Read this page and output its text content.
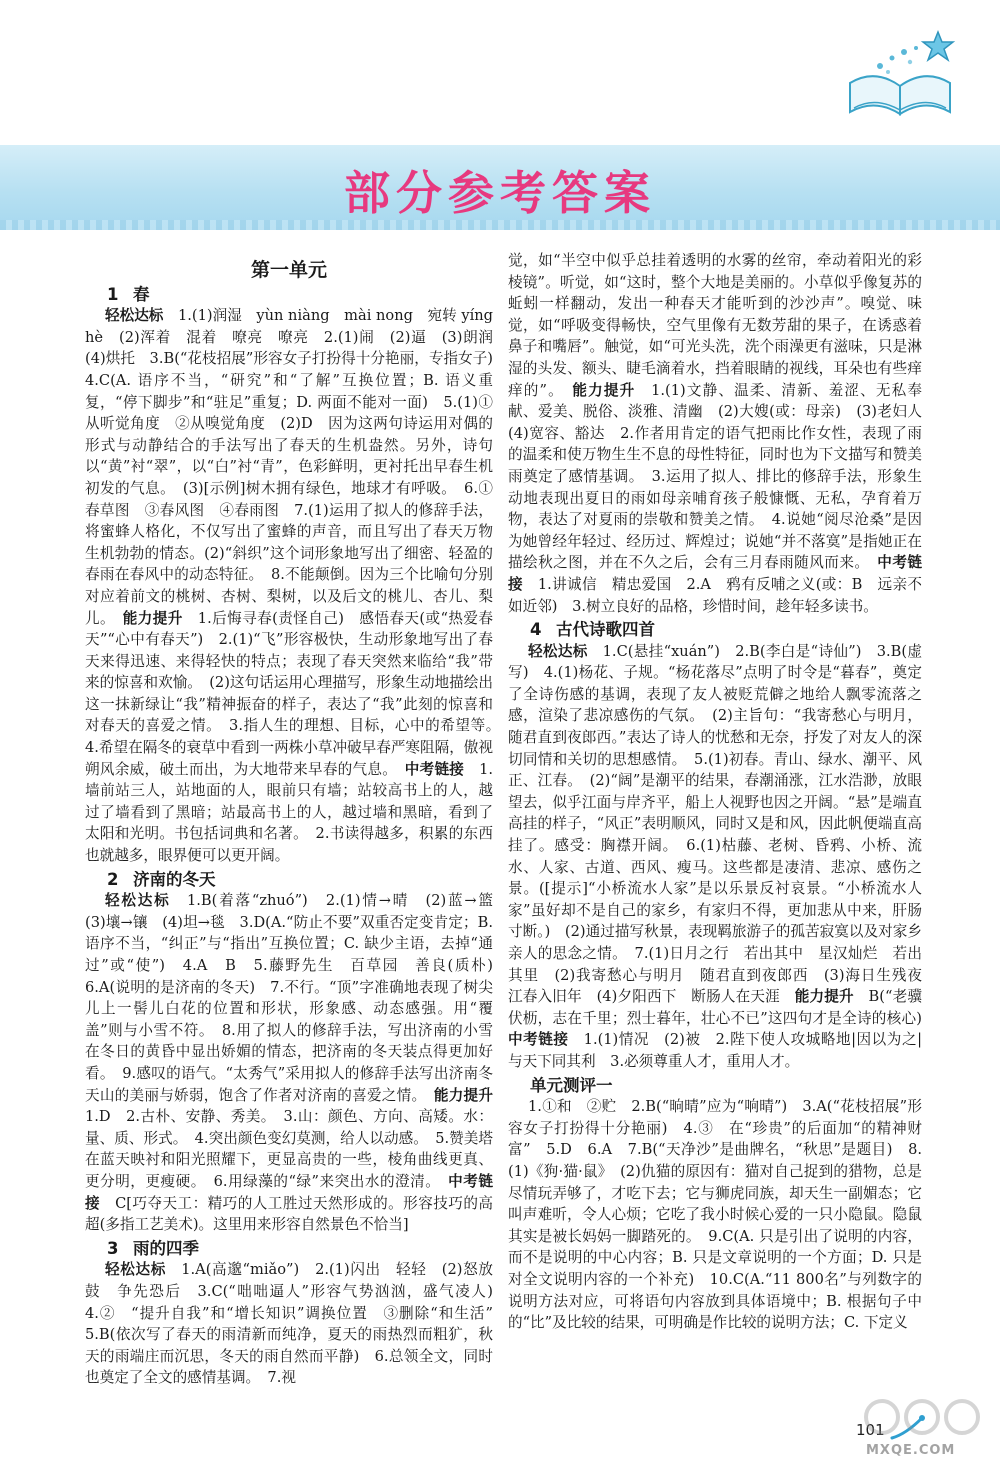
部分参考答案
第一单元
1 春

轻松达标　 1.(1)润湿　yùn niàng　mài nong　宛转 yíng hè　(2)浑着　混着　嘹亮　嘹亮　2.(1)闹　(2)逼　(3)朗润　(4)烘托　3.B(“花枝招展”形容女子打扮得十分艳丽，专指女子)　4.C(A. 语序不当，“研究”和“了解”互换位置；B. 语义重复，“停下脚步”和“驻足”重复；D. 两面不能对一面)　5.(1)①从听觉角度　②从嗅觉角度　(2)D　因为这两句诗运用对偶的形式与动静结合的手法写出了春天的生机盎然。另外，诗句以“黄”衬“翠”，以“白”衬“青”，色彩鲜明，更衬托出早春生机初发的气息。　(3)[示例]树木拥有绿色，地球才有呼吸。　6.①春草图　③春风图　④春雨图　7.(1)运用了拟人的修辞手法，将蜜蜂人格化，不仅写出了蜜蜂的声音，而且写出了春天万物生机勃勃的情态。(2)“斜织”这个词形象地写出了细密、轻盈的春雨在春风中的动态特征。　8.不能颠倒。因为三个比喻句分别对应着前文的桃树、杏树、梨树，以及后文的桃儿、杏儿、梨儿。　 能力提升　 1.后悔寻春(责怪自己)　感悟春天(或“热爱春天”“心中有春天”)　2.(1)“飞”形容极快，生动形象地写出了春天来得迅速、来得轻快的特点；表现了春天突然来临给“我”带来的惊喜和欢愉。　(2)这句话运用心理描写，形象生动地描绘出这一抹新绿让“我”精神振奋的样子，表达了“我”此刻的惊喜和对春天的喜爱之情。　3.指人生的理想、目标，心中的希望等。　4.希望在隔冬的衰草中看到一两株小草冲破早春严寒阻隔，傲视朔风余威，破土而出，为大地带来早春的气息。　 中考链接　 1.墙前站三人，站地面的人，眼前只有墙；站较高书上的人，越过了墙看到了黑暗；站最高书上的人，越过墙和黑暗，看到了太阳和光明。书包括词典和名著。　2.书读得越多，积累的东西也就越多，眼界便可以更开阔。

2 济南的冬天

轻松达标　 1.B(着落“zhuó”)　2.(1)情→晴　(2)蓝→篮　(3)壤→镶　(4)坦→毯　3.D(A.“防止不要”双重否定变肯定；B. 语序不当，“纠正”与“指出”互换位置；C. 缺少主语，去掉“通过”或“使”)　4.A　B　5.藤野先生　百草园　善良(质朴)　6.A(说明的是济南的冬天)　7.不行。“顶”字准确地表现了树尖儿上一髻儿白花的位置和形状，形象感、动态感强。用“覆盖”则与小雪不符。　8.用了拟人的修辞手法，写出济南的小雪在冬日的黄昏中显出娇媚的情态，把济南的冬天装点得更加好看。　9.感叹的语气。“太秀气”采用拟人的修辞手法写出济南冬天山的美丽与娇弱，饱含了作者对济南的喜爱之情。　 能力提升　1.D　2.古朴、安静、秀美。　3.山：颜色、方向、高矮。水：量、质、形式。　4.突出颜色变幻莫测，给人以动感。　5.赞美塔在蓝天映衬和阳光照耀下，更显高贵的一些，棱角曲线更真、更分明，更瘦硬。　6.用绿藻的“绿”来突出水的澄清。　 中考链接　 C[巧夺天工：精巧的人工胜过天然形成的。形容技巧的高超(多指工艺美术)。这里用来形容自然景色不恰当]

3 雨的四季

轻松达标　 1.A(高邈“miǎo”)　2.(1)闪出　轻轻　(2)怒放　鼓　争先恐后　3.C(“咄咄逼人”形容气势汹汹，盛气凌人)　4.②　“提升自我”和“增长知识”调换位置　③删除“和生活”　5.B(依次写了春天的雨清新而纯净，夏天的雨热烈而粗犷，秋天的雨端庄而沉思，冬天的雨自然而平静)　6.总领全文，同时也奠定了全文的感情基调。　7.视

觉，如“半空中似乎总挂着透明的水雾的丝帘，牵动着阳光的彩棱镜”。听觉，如“这时，整个大地是美丽的。小草似乎像复苏的蚯蚓一样翻动，发出一种春天才能听到的沙沙声”。嗅觉、味觉，如“呼吸变得畅快，空气里像有无数芳甜的果子，在诱惑着鼻子和嘴唇”。触觉，如“可光头洗，洗个雨澡更有滋味，只是淋湿的头发、额头、睫毛滴着水，挡着眼睛的视线，耳朵也有些痒痒的”。　 能力提升　 1.(1)文静、温柔、清新、羞涩、无私奉献、爱美、脱俗、淡雅、清幽　(2)大嫂(或：母亲)　(3)老妇人　(4)宽容、豁达　2.作者用肯定的语气把雨比作女性，表现了雨的温柔和使万物生生不息的母性特征，同时也为下文描写和赞美雨奠定了感情基调。　3.运用了拟人、排比的修辞手法，形象生动地表现出夏日的雨如母亲哺育孩子般慷慨、无私，孕育着万物，表达了对夏雨的崇敬和赞美之情。　4.说她“阅尽沧桑”是因为她曾经年轻过、经历过、辉煌过；说她“并不落寞”是指她正在描绘秋之图，并在不久之后，会有三月春雨随风而来。　 中考链接　 1.讲诚信　精忠爱国　2.A　鸦有反哺之义(或：B　远亲不如近邻)　3.树立良好的品格，珍惜时间，趁年轻多读书。

4 古代诗歌四首

轻松达标　 1.C(悬挂“xuán”)　2.B(李白是“诗仙”)　3.B(虚写)　4.(1)杨花、子规。“杨花落尽”点明了时令是“暮春”，奠定了全诗伤感的基调，表现了友人被贬荒僻之地给人飘零流落之感，渲染了悲凉感伤的气氛。　(2)主旨句：“我寄愁心与明月，随君直到夜郎西。”表达了诗人的忧愁和无奈，抒发了对友人的深切同情和关切的思想感情。　5.(1)初春。青山、绿水、潮平、风正、江春。　(2)“阔”是潮平的结果，春潮涌涨，江水浩渺，放眼望去，似乎江面与岸齐平，船上人视野也因之开阔。“悬”是端直高挂的样子，“风正”表明顺风，同时又是和风，因此帆便端直高挂了。感受：胸襟开阔。　6.(1)枯藤、老树、昏鸦、小桥、流水、人家、古道、西风、瘦马。这些都是凄清、悲凉、感伤之景。([提示]“小桥流水人家”是以乐景反衬哀景。“小桥流水人家”虽好却不是自己的家乡，有家归不得，更加悲从中来，肝肠寸断。)　(2)通过描写秋景，表现羁旅游子的孤苦寂寞以及对家乡亲人的思念之情。　7.(1)日月之行　若出其中　星汉灿烂　若出其里　(2)我寄愁心与明月　随君直到夜郎西　(3)海日生残夜　江春入旧年　(4)夕阳西下　断肠人在天涯　 能力提升　 B(“老骥伏枥，志在千里；烈士暮年，壮心不已”这四句才是全诗的核心)　中考链接　 1.(1)情况　(2)被　2.陛下使人攻城略地|因以为之|与天下同其利　3.必须尊重人才，重用人才。

单元测评一

1.①和　②贮　2.B(“晌晴”应为“响晴”)　3.A(“花枝招展”形容女子打扮得十分艳丽)　4.③　在“珍贵”的后面加“的精神财富”　5.D　6.A　7.B(“天净沙”是曲牌名，“秋思”是题目)　8.(1)《狗·猫·鼠》　(2)仇猫的原因有：猫对自己捉到的猎物，总是尽情玩弄够了，才吃下去；它与狮虎同族，却天生一副媚态；它叫声难听，令人心烦；它吃了我小时候心爱的一只小隐鼠。隐鼠其实是被长妈妈一脚踏死的。　9.C(A. 只是引出了说明的内容，而不是说明的中心内容；B. 只是文章说明的一个方面；D. 只是对全文说明内容的一个补充)　10.C(A.“11 800名”与列数字的说明方法对应，可将语句内容放到具体语境中；B. 根据句子中的“比”及比较的结果，可明确是作比较的说明方法；C. 下定义

101
MXQE.COM
